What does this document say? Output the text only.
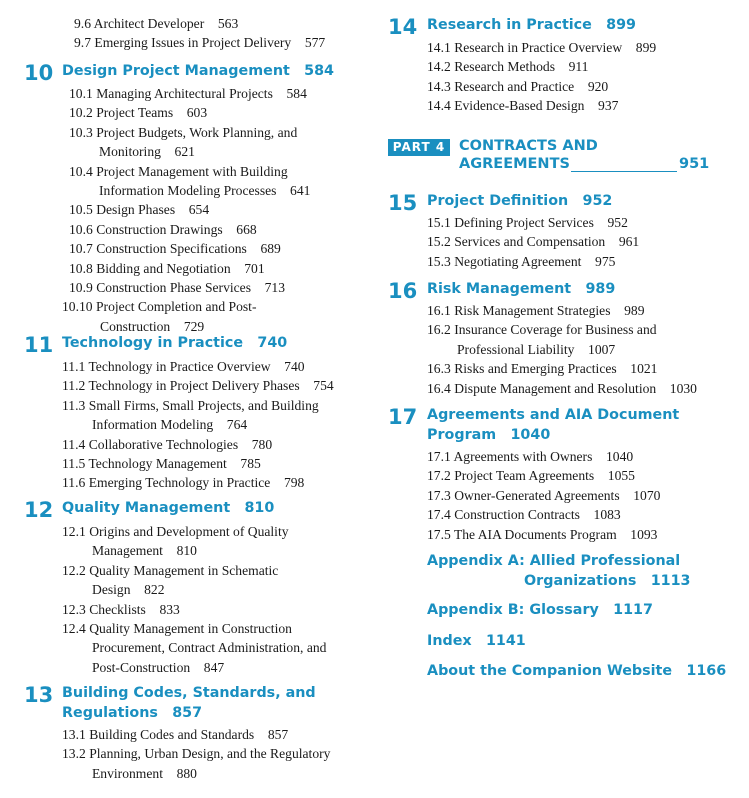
9.6 Architect Developer  563
9.7 Emerging Issues in Project Delivery  577
10 Design Project Management  584
10.1 Managing Architectural Projects  584
10.2 Project Teams  603
10.3 Project Budgets, Work Planning, and
Monitoring  621
10.4 Project Management with Building
Information Modeling Processes  641
10.5 Design Phases  654
10.6 Construction Drawings  668
10.7 Construction Specifications  689
10.8 Bidding and Negotiation  701
10.9 Construction Phase Services  713
10.10 Project Completion and Post-
Construction  729
11 Technology in Practice  740
11.1 Technology in Practice Overview  740
11.2 Technology in Project Delivery Phases  754
11.3 Small Firms, Small Projects, and Building
Information Modeling  764
11.4 Collaborative Technologies  780
11.5 Technology Management  785
11.6 Emerging Technology in Practice  798
12 Quality Management  810
12.1 Origins and Development of Quality
Management  810
12.2 Quality Management in Schematic
Design  822
12.3 Checklists  833
12.4 Quality Management in Construction
Procurement, Contract Administration, and
Post-Construction  847
13 Building Codes, Standards, and
Regulations  857
13.1 Building Codes and Standards  857
13.2 Planning, Urban Design, and the Regulatory
Environment  880
14 Research in Practice  899
14.1 Research in Practice Overview  899
14.2 Research Methods  911
14.3 Research and Practice  920
14.4 Evidence-Based Design  937
PART 4 CONTRACTS AND
AGREEMENTS	951
15 Project Definition  952
15.1 Defining Project Services  952
15.2 Services and Compensation  961
15.3 Negotiating Agreement  975
16 Risk Management  989
16.1 Risk Management Strategies  989
16.2 Insurance Coverage for Business and
Professional Liability  1007
16.3 Risks and Emerging Practices  1021
16.4 Dispute Management and Resolution  1030
17 Agreements and AIA Document
Program  1040
17.1 Agreements with Owners  1040
17.2 Project Team Agreements  1055
17.3 Owner-Generated Agreements  1070
17.4 Construction Contracts  1083
17.5 The AIA Documents Program  1093
Appendix A: Allied Professional
Organizations  1113
Appendix B: Glossary  1117
Index  1141
About the Companion Website  1166
